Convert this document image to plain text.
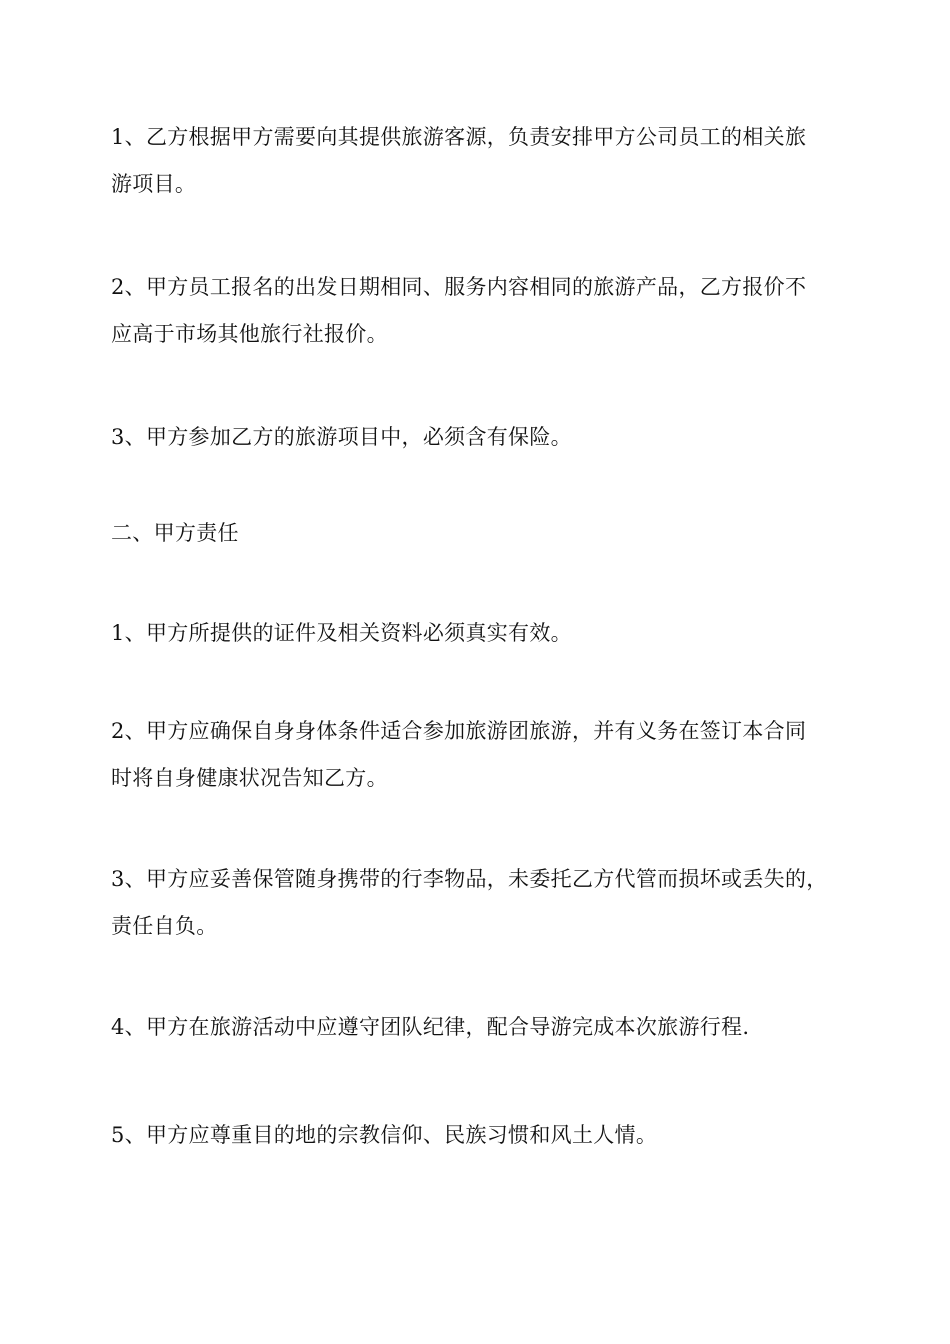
1、乙方根据甲方需要向其提供旅游客源，负责安排甲方公司员工的相关旅
游项目。

2、甲方员工报名的出发日期相同、服务内容相同的旅游产品，乙方报价不
应高于市场其他旅行社报价。

3、甲方参加乙方的旅游项目中，必须含有保险。

二、甲方责任

1、甲方所提供的证件及相关资料必须真实有效。

2、甲方应确保自身身体条件适合参加旅游团旅游，并有义务在签订本合同
时将自身健康状况告知乙方。

3、甲方应妥善保管随身携带的行李物品，未委托乙方代管而损坏或丢失的，
责任自负。

4、甲方在旅游活动中应遵守团队纪律，配合导游完成本次旅游行程.

5、甲方应尊重目的地的宗教信仰、民族习惯和风土人情。
